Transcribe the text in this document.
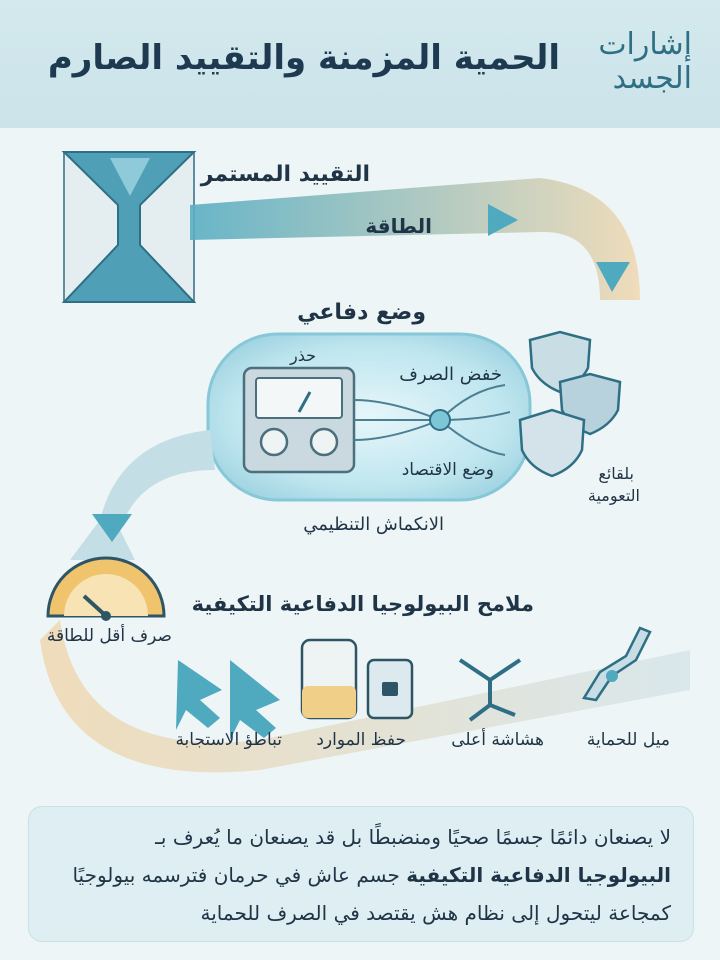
الحمية المزمنة والتقييد الصارم	إشارات
الجسد
التقييد المستمر
الطاقة
وضع دفاعي
حذر
خفض الصرف
وضع الاقتصاد
الانكماش التنظيمي
بلقائع
التعومية
ملامح البيولوجيا الدفاعية التكيفية
صرف أقل للطاقة
تباطؤ الاستجابة حفظ الموارد	هشاشة أعلى	ميل للحماية

لا يصنعان دائمًا جسمًا صحيًا ومنضبطًا بل قد يصنعان ما يُعرف بـ

البيولوجيا الدفاعية التكيفية جسم عاش في حرمان فترسمه بيولوجيًا

كمجاعة ليتحول إلى نظام هش يقتصد في الصرف للحماية
